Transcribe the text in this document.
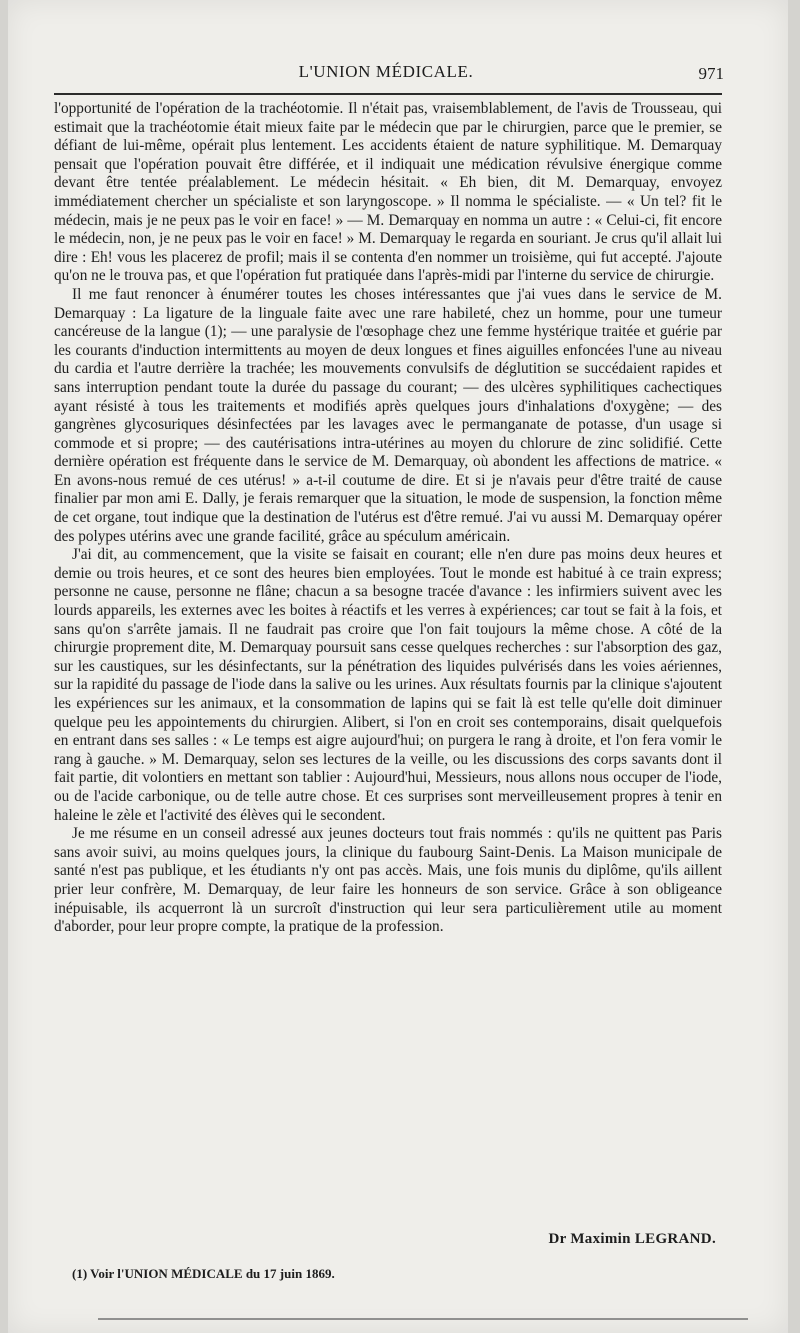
L'UNION MÉDICALE.	971

l'opportunité de l'opération de la trachéotomie. Il n'était pas, vraisemblablement, de l'avis de Trousseau, qui estimait que la trachéotomie était mieux faite par le médecin que par le chirurgien, parce que le premier, se défiant de lui-même, opérait plus lentement. Les accidents étaient de nature syphilitique. M. Demarquay pensait que l'opération pouvait être différée, et il indiquait une médication révulsive énergique comme devant être tentée préalablement. Le médecin hésitait. « Eh bien, dit M. Demarquay, envoyez immédiatement chercher un spécialiste et son laryngoscope. » Il nomma le spécialiste. — « Un tel? fit le médecin, mais je ne peux pas le voir en face! » — M. Demarquay en nomma un autre : « Celui-ci, fit encore le médecin, non, je ne peux pas le voir en face! » M. Demarquay le regarda en souriant. Je crus qu'il allait lui dire : Eh! vous les placerez de profil; mais il se contenta d'en nommer un troisième, qui fut accepté. J'ajoute qu'on ne le trouva pas, et que l'opération fut pratiquée dans l'après-midi par l'interne du service de chirurgie.

Il me faut renoncer à énumérer toutes les choses intéressantes que j'ai vues dans le service de M. Demarquay : La ligature de la linguale faite avec une rare habileté, chez un homme, pour une tumeur cancéreuse de la langue (1); — une paralysie de l'œsophage chez une femme hystérique traitée et guérie par les courants d'induction intermittents au moyen de deux longues et fines aiguilles enfoncées l'une au niveau du cardia et l'autre derrière la trachée; les mouvements convulsifs de déglutition se succédaient rapides et sans interruption pendant toute la durée du passage du courant; — des ulcères syphilitiques cachectiques ayant résisté à tous les traitements et modifiés après quelques jours d'inhalations d'oxygène; — des gangrènes glycosuriques désinfectées par les lavages avec le permanganate de potasse, d'un usage si commode et si propre; — des cautérisations intra-utérines au moyen du chlorure de zinc solidifié. Cette dernière opération est fréquente dans le service de M. Demarquay, où abondent les affections de matrice. « En avons-nous remué de ces utérus! » a-t-il coutume de dire. Et si je n'avais peur d'être traité de cause finalier par mon ami E. Dally, je ferais remarquer que la situation, le mode de suspension, la fonction même de cet organe, tout indique que la destination de l'utérus est d'être remué. J'ai vu aussi M. Demarquay opérer des polypes utérins avec une grande facilité, grâce au spéculum américain.

J'ai dit, au commencement, que la visite se faisait en courant; elle n'en dure pas moins deux heures et demie ou trois heures, et ce sont des heures bien employées. Tout le monde est habitué à ce train express; personne ne cause, personne ne flâne; chacun a sa besogne tracée d'avance : les infirmiers suivent avec les lourds appareils, les externes avec les boites à réactifs et les verres à expériences; car tout se fait à la fois, et sans qu'on s'arrête jamais. Il ne faudrait pas croire que l'on fait toujours la même chose. A côté de la chirurgie proprement dite, M. Demarquay poursuit sans cesse quelques recherches : sur l'absorption des gaz, sur les caustiques, sur les désinfectants, sur la pénétration des liquides pulvérisés dans les voies aériennes, sur la rapidité du passage de l'iode dans la salive ou les urines. Aux résultats fournis par la clinique s'ajoutent les expériences sur les animaux, et la consommation de lapins qui se fait là est telle qu'elle doit diminuer quelque peu les appointements du chirurgien. Alibert, si l'on en croit ses contemporains, disait quelquefois en entrant dans ses salles : « Le temps est aigre aujourd'hui; on purgera le rang à droite, et l'on fera vomir le rang à gauche. » M. Demarquay, selon ses lectures de la veille, ou les discussions des corps savants dont il fait partie, dit volontiers en mettant son tablier : Aujourd'hui, Messieurs, nous allons nous occuper de l'iode, ou de l'acide carbonique, ou de telle autre chose. Et ces surprises sont merveilleusement propres à tenir en haleine le zèle et l'activité des élèves qui le secondent.

Je me résume en un conseil adressé aux jeunes docteurs tout frais nommés : qu'ils ne quittent pas Paris sans avoir suivi, au moins quelques jours, la clinique du faubourg Saint-Denis. La Maison municipale de santé n'est pas publique, et les étudiants n'y ont pas accès. Mais, une fois munis du diplôme, qu'ils aillent prier leur confrère, M. Demarquay, de leur faire les honneurs de son service. Grâce à son obligeance inépuisable, ils acquerront là un surcroît d'instruction qui leur sera particulièrement utile au moment d'aborder, pour leur propre compte, la pratique de la profession.

Dr Maximin LEGRAND.
(1) Voir l'UNION MÉDICALE du 17 juin 1869.
